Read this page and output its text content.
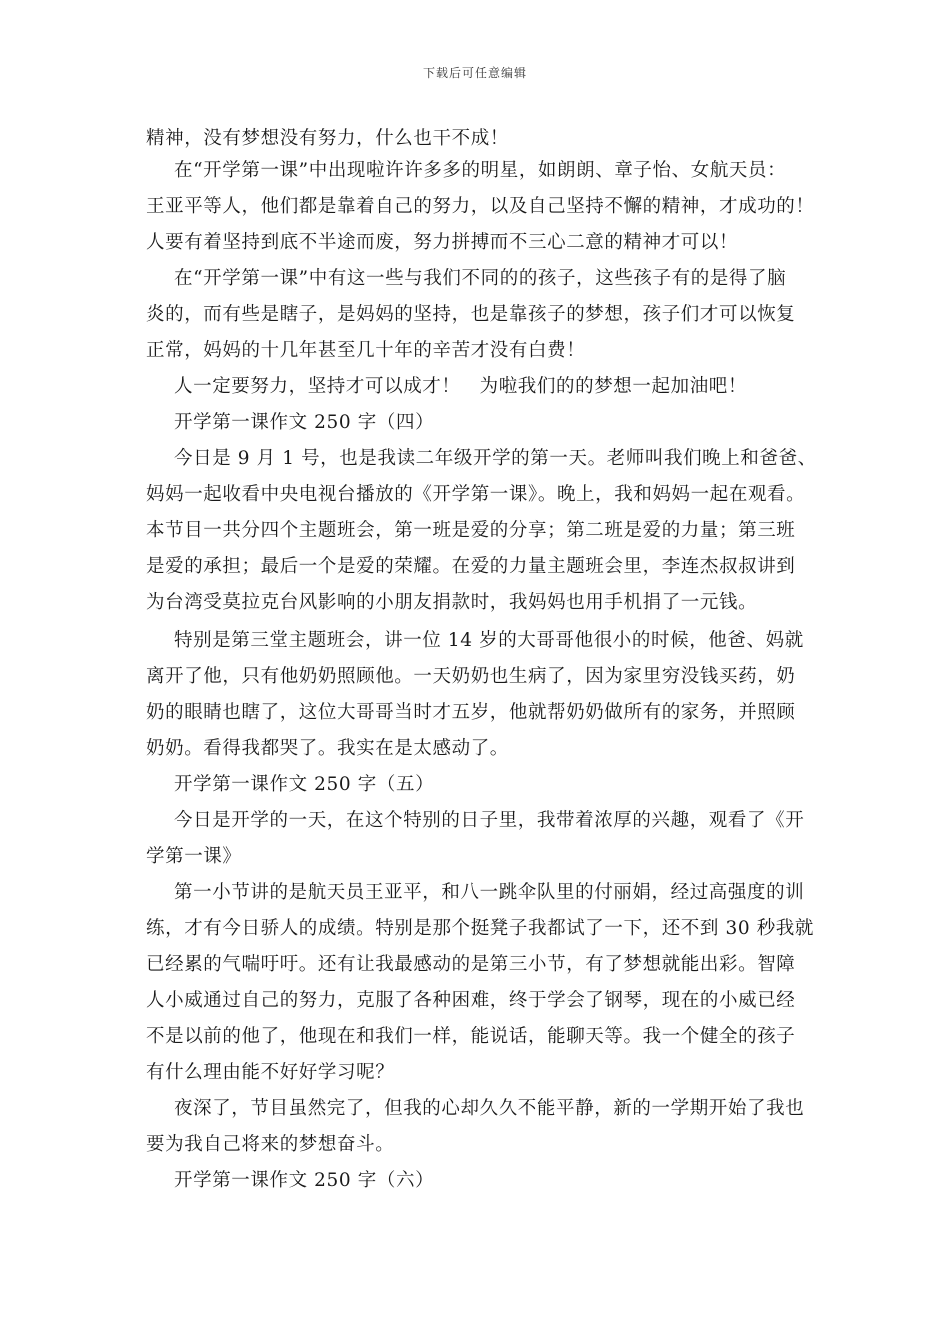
下载后可任意编辑
精神，没有梦想没有努力，什么也干不成！
在“开学第一课”中出现啦许许多多的明星，如朗朗、章子怡、女航天员：
王亚平等人，他们都是靠着自己的努力，以及自己坚持不懈的精神，才成功的！
人要有着坚持到底不半途而废，努力拼搏而不三心二意的精神才可以！
在“开学第一课”中有这一些与我们不同的的孩子，这些孩子有的是得了脑
炎的，而有些是瞎子，是妈妈的坚持，也是靠孩子的梦想，孩子们才可以恢复
正常，妈妈的十几年甚至几十年的辛苦才没有白费！
人一定要努力，坚持才可以成才！　为啦我们的的梦想一起加油吧！
开学第一课作文 250 字（四）
今日是 9 月 1 号，也是我读二年级开学的第一天。老师叫我们晚上和爸爸、
妈妈一起收看中央电视台播放的《开学第一课》。晚上，我和妈妈一起在观看。
本节目一共分四个主题班会，第一班是爱的分享；第二班是爱的力量；第三班
是爱的承担；最后一个是爱的荣耀。在爱的力量主题班会里，李连杰叔叔讲到
为台湾受莫拉克台风影响的小朋友捐款时，我妈妈也用手机捐了一元钱。
特别是第三堂主题班会，讲一位 14 岁的大哥哥他很小的时候，他爸、妈就
离开了他，只有他奶奶照顾他。一天奶奶也生病了，因为家里穷没钱买药，奶
奶的眼睛也瞎了，这位大哥哥当时才五岁，他就帮奶奶做所有的家务，并照顾
奶奶。看得我都哭了。我实在是太感动了。
开学第一课作文 250 字（五）
今日是开学的一天，在这个特别的日子里，我带着浓厚的兴趣，观看了《开
学第一课》
第一小节讲的是航天员王亚平，和八一跳伞队里的付丽娟，经过高强度的训
练，才有今日骄人的成绩。特别是那个挺凳子我都试了一下，还不到 30 秒我就
已经累的气喘吁吁。还有让我最感动的是第三小节，有了梦想就能出彩。智障
人小威通过自己的努力，克服了各种困难，终于学会了钢琴，现在的小威已经
不是以前的他了，他现在和我们一样，能说话，能聊天等。我一个健全的孩子
有什么理由能不好好学习呢？
夜深了，节目虽然完了，但我的心却久久不能平静，新的一学期开始了我也
要为我自己将来的梦想奋斗。
开学第一课作文 250 字（六）
